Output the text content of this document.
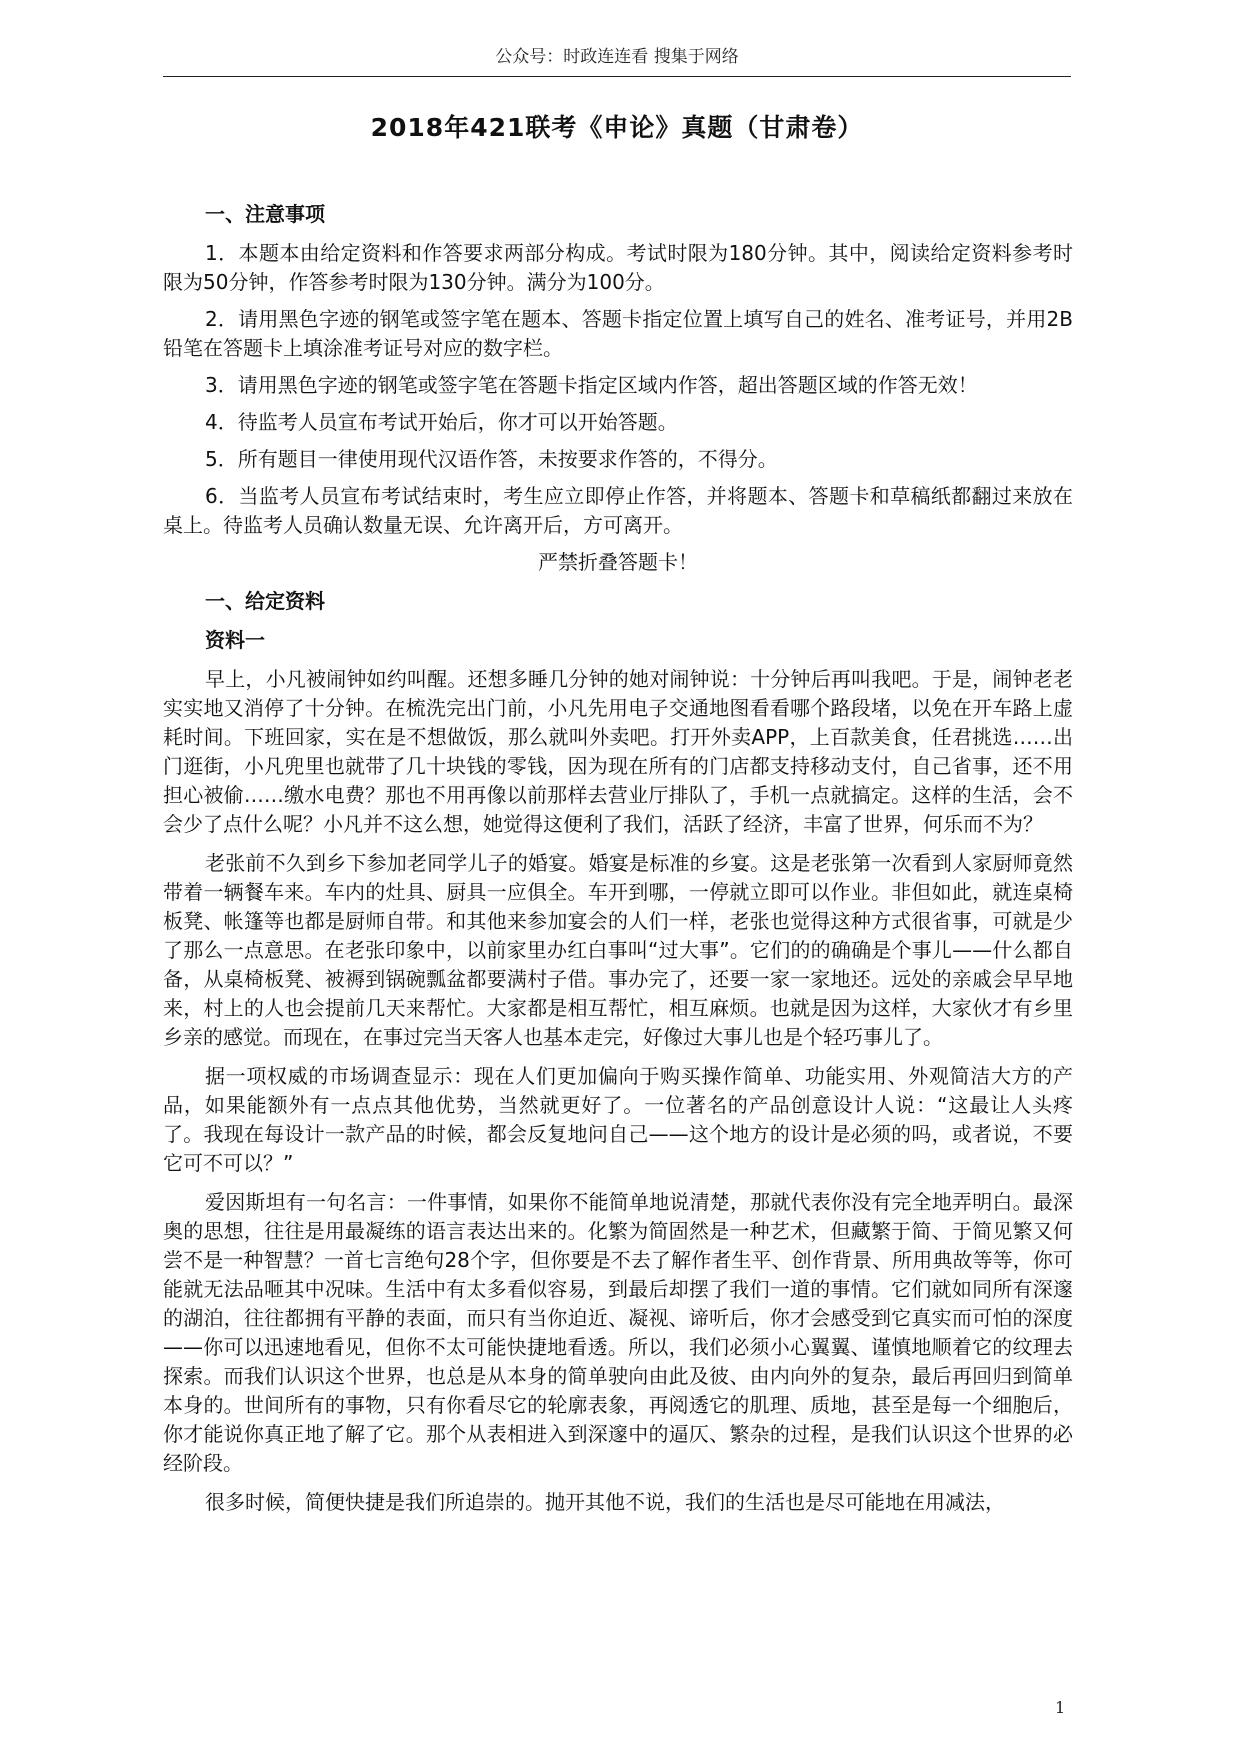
公众号：时政连连看 搜集于网络
2018年421联考《申论》真题（甘肃卷）
一、注意事项

1．本题本由给定资料和作答要求两部分构成。考试时限为180分钟。其中，阅读给定资料参考时限为50分钟，作答参考时限为130分钟。满分为100分。

2．请用黑色字迹的钢笔或签字笔在题本、答题卡指定位置上填写自己的姓名、准考证号，并用2B铅笔在答题卡上填涂准考证号对应的数字栏。

3．请用黑色字迹的钢笔或签字笔在答题卡指定区域内作答，超出答题区域的作答无效！

4．待监考人员宣布考试开始后，你才可以开始答题。

5．所有题目一律使用现代汉语作答，未按要求作答的，不得分。

6．当监考人员宣布考试结束时，考生应立即停止作答，并将题本、答题卡和草稿纸都翻过来放在桌上。待监考人员确认数量无误、允许离开后，方可离开。

严禁折叠答题卡！

一、给定资料
资料一

早上，小凡被闹钟如约叫醒。还想多睡几分钟的她对闹钟说：十分钟后再叫我吧。于是，闹钟老老实实地又消停了十分钟。在梳洗完出门前，小凡先用电子交通地图看看哪个路段堵，以免在开车路上虚耗时间。下班回家，实在是不想做饭，那么就叫外卖吧。打开外卖APP，上百款美食，任君挑选……出门逛街，小凡兜里也就带了几十块钱的零钱，因为现在所有的门店都支持移动支付，自己省事，还不用担心被偷……缴水电费？那也不用再像以前那样去营业厅排队了，手机一点就搞定。这样的生活，会不会少了点什么呢？小凡并不这么想，她觉得这便利了我们，活跃了经济，丰富了世界，何乐而不为？

老张前不久到乡下参加老同学儿子的婚宴。婚宴是标准的乡宴。这是老张第一次看到人家厨师竟然带着一辆餐车来。车内的灶具、厨具一应俱全。车开到哪，一停就立即可以作业。非但如此，就连桌椅板凳、帐篷等也都是厨师自带。和其他来参加宴会的人们一样，老张也觉得这种方式很省事，可就是少了那么一点意思。在老张印象中，以前家里办红白事叫“过大事”。它们的的确确是个事儿——什么都自备，从桌椅板凳、被褥到锅碗瓢盆都要满村子借。事办完了，还要一家一家地还。远处的亲戚会早早地来，村上的人也会提前几天来帮忙。大家都是相互帮忙，相互麻烦。也就是因为这样，大家伙才有乡里乡亲的感觉。而现在，在事过完当天客人也基本走完，好像过大事儿也是个轻巧事儿了。

据一项权威的市场调查显示：现在人们更加偏向于购买操作简单、功能实用、外观简洁大方的产品，如果能额外有一点点其他优势，当然就更好了。一位著名的产品创意设计人说：“这最让人头疼了。我现在每设计一款产品的时候，都会反复地问自己——这个地方的设计是必须的吗，或者说，不要它可不可以？”

爱因斯坦有一句名言：一件事情，如果你不能简单地说清楚，那就代表你没有完全地弄明白。最深奥的思想，往往是用最凝练的语言表达出来的。化繁为简固然是一种艺术，但藏繁于简、于简见繁又何尝不是一种智慧？一首七言绝句28个字，但你要是不去了解作者生平、创作背景、所用典故等等，你可能就无法品咂其中况味。生活中有太多看似容易，到最后却摆了我们一道的事情。它们就如同所有深邃的湖泊，往往都拥有平静的表面，而只有当你迫近、凝视、谛听后，你才会感受到它真实而可怕的深度——你可以迅速地看见，但你不太可能快捷地看透。所以，我们必须小心翼翼、谨慎地顺着它的纹理去探索。而我们认识这个世界，也总是从本身的简单驶向由此及彼、由内向外的复杂，最后再回归到简单本身的。世间所有的事物，只有你看尽它的轮廓表象，再阅透它的肌理、质地，甚至是每一个细胞后，你才能说你真正地了解了它。那个从表相进入到深邃中的逼仄、繁杂的过程，是我们认识这个世界的必经阶段。

很多时候，简便快捷是我们所追崇的。抛开其他不说，我们的生活也是尽可能地在用减法，

1
